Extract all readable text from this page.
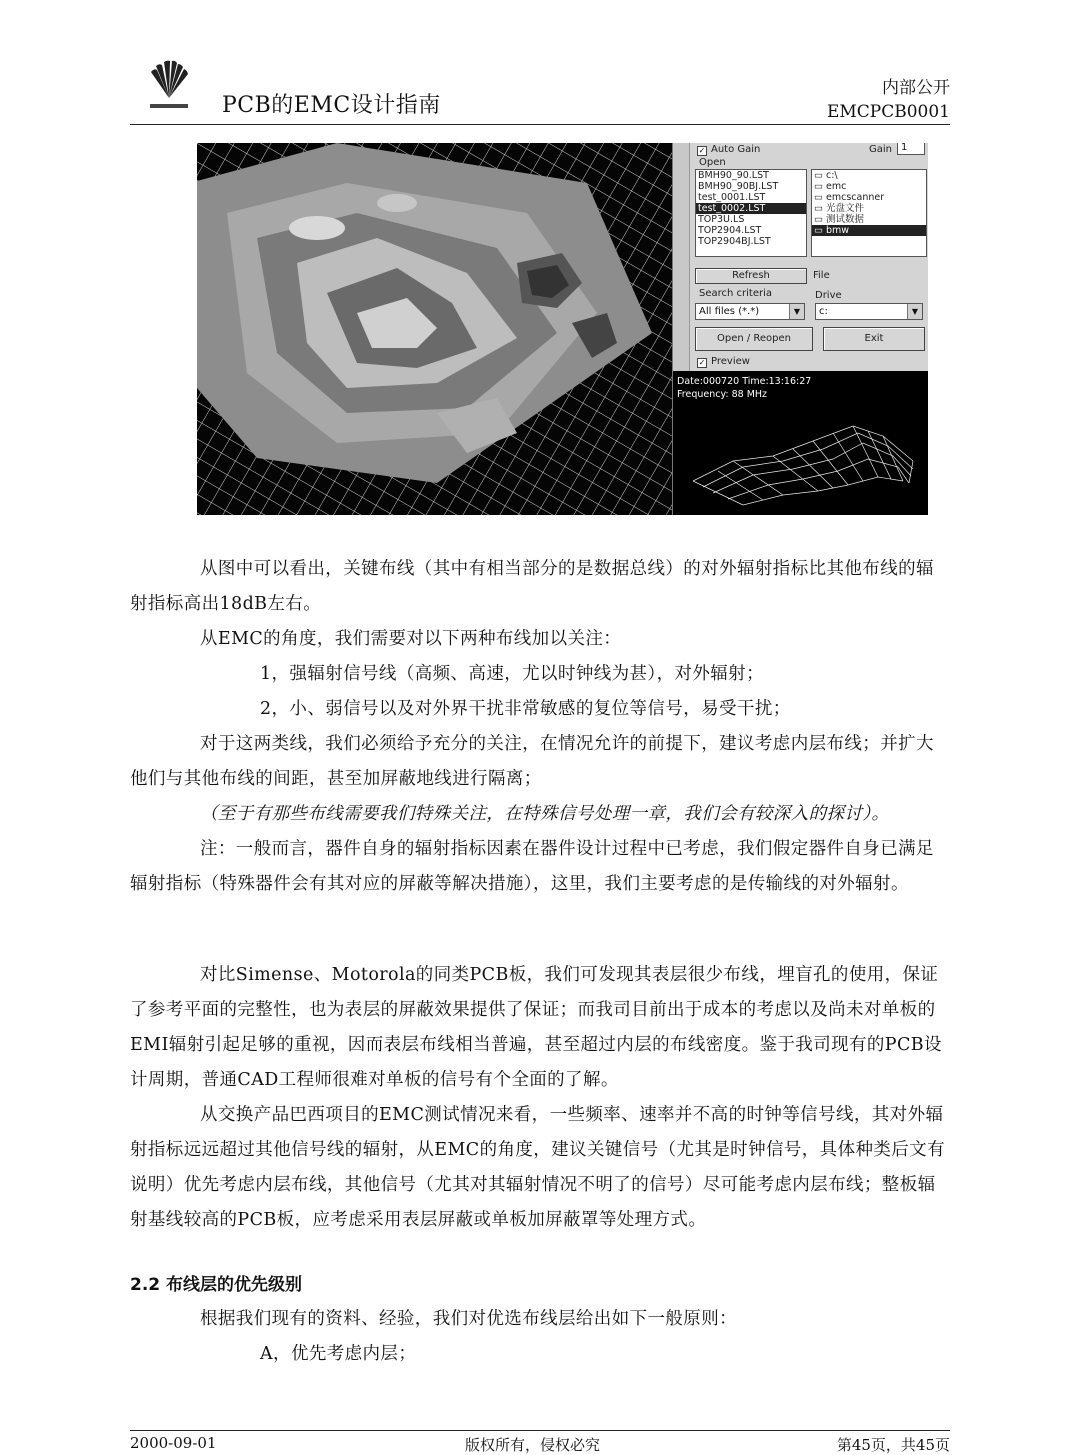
PCB的EMC设计指南
内部公开
EMCPCB0001
✓ Auto Gain	Gain 1
Open
BMH90_90.LST
BMH90_90BJ.LST
test_0001.LST
test_0002.LST
TOP3U.LS
TOP2904.LST
TOP2904BJ.LST
▭ c:\
▭ emc
▭ emcscanner
▭ 光盘文件
▭ 测试数据
▭ bmw
Refresh	File
Search criteria
All files (*.*)	▼
Drive
c:	▼
Open / Reopen	Exit
✓ Preview
Date:000720 Time:13:16:27
Frequency: 88 MHz
从图中可以看出，关键布线（其中有相当部分的是数据总线）的对外辐射指标比其他布线的辐射指标高出18dB左右。
从EMC的角度，我们需要对以下两种布线加以关注：
1，强辐射信号线（高频、高速，尤以时钟线为甚），对外辐射；
2，小、弱信号以及对外界干扰非常敏感的复位等信号，易受干扰；
对于这两类线，我们必须给予充分的关注，在情况允许的前提下，建议考虑内层布线；并扩大他们与其他布线的间距，甚至加屏蔽地线进行隔离；
（至于有那些布线需要我们特殊关注，在特殊信号处理一章，我们会有较深入的探讨）。
注：一般而言，器件自身的辐射指标因素在器件设计过程中已考虑，我们假定器件自身已满足辐射指标（特殊器件会有其对应的屏蔽等解决措施），这里，我们主要考虑的是传输线的对外辐射。
对比Simense、Motorola的同类PCB板，我们可发现其表层很少布线，埋盲孔的使用，保证了参考平面的完整性，也为表层的屏蔽效果提供了保证；而我司目前出于成本的考虑以及尚未对单板的EMI辐射引起足够的重视，因而表层布线相当普遍，甚至超过内层的布线密度。鉴于我司现有的PCB设计周期，普通CAD工程师很难对单板的信号有个全面的了解。
从交换产品巴西项目的EMC测试情况来看，一些频率、速率并不高的时钟等信号线，其对外辐射指标远远超过其他信号线的辐射，从EMC的角度，建议关键信号（尤其是时钟信号，具体种类后文有说明）优先考虑内层布线，其他信号（尤其对其辐射情况不明了的信号）尽可能考虑内层布线；整板辐射基线较高的PCB板，应考虑采用表层屏蔽或单板加屏蔽罩等处理方式。
2.2 布线层的优先级别
根据我们现有的资料、经验，我们对优选布线层给出如下一般原则：
A，优先考虑内层；
2000-09-01	版权所有，侵权必究	第45页，共45页
